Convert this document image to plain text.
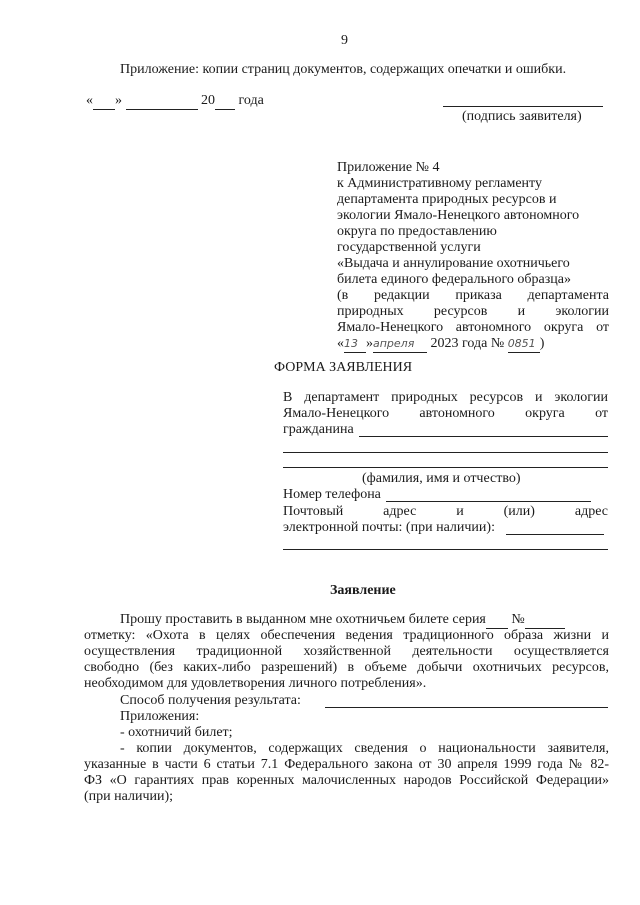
9
Приложение: копии страниц документов, содержащих опечатки и ошибки.
« »	20 года
(подпись заявителя)
Приложение № 4
к Административному регламенту
департамента природных ресурсов и
экологии Ямало-Ненецкого автономного
округа по предоставлению
государственной услуги
«Выдача и аннулирование охотничьего
билета единого федерального образца»
(в редакции приказа департамента
природных ресурсов и экологии
Ямало-Ненецкого автономного округа от
«13 »апреля 2023 года № 0851 )
ФОРМА ЗАЯВЛЕНИЯ
В департамент природных ресурсов и экологии
Ямало-Ненецкого автономного округа от
гражданина
(фамилия, имя и отчество)
Номер телефона
Почтовый адрес и (или) адрес
электронной почты: (при наличии):
Заявление
Прошу проставить в выданном мне охотничьем билете серия №
отметку: «Охота в целях обеспечения ведения традиционного образа жизни и
осуществления традиционной хозяйственной деятельности осуществляется
свободно (без каких-либо разрешений) в объеме добычи охотничьих ресурсов,
необходимом для удовлетворения личного потребления».
Способ получения результата:
Приложения:
- охотничий билет;
- копии документов, содержащих сведения о национальности заявителя,
указанные в части 6 статьи 7.1 Федерального закона от 30 апреля 1999 года № 82-
ФЗ «О гарантиях прав коренных малочисленных народов Российской Федерации»
(при наличии);
